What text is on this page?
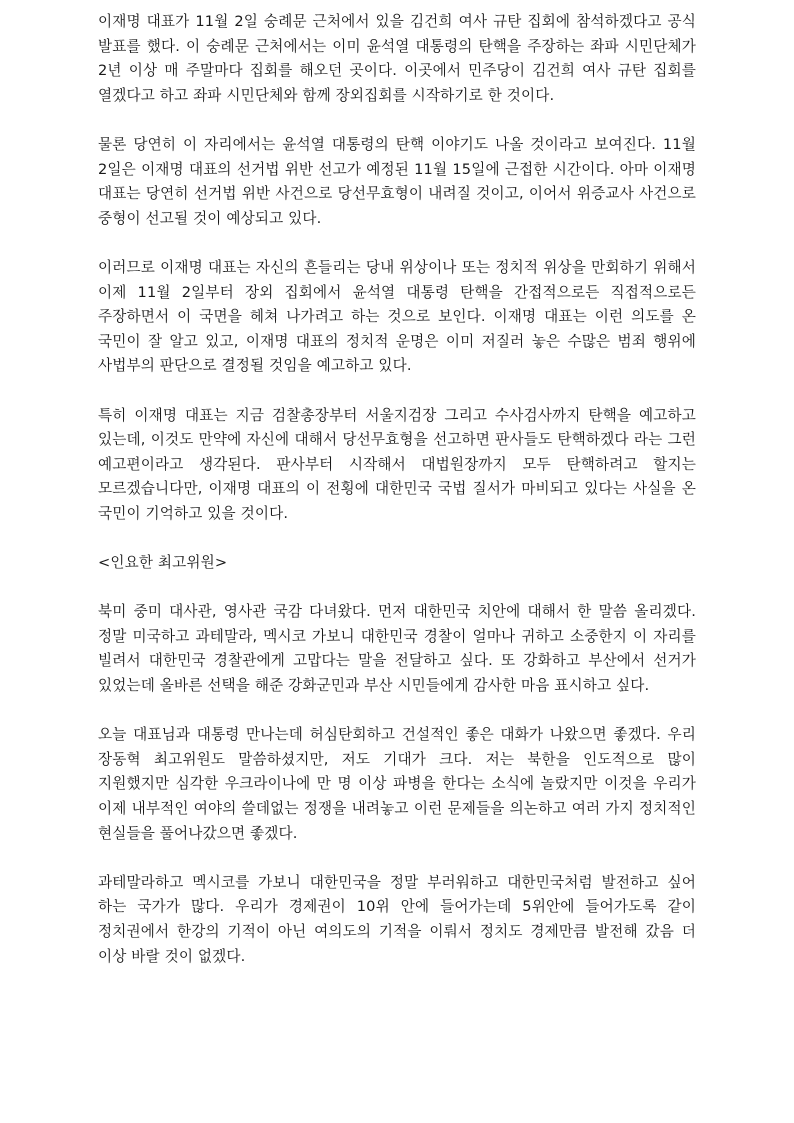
이재명 대표가 11월 2일 숭례문 근처에서 있을 김건희 여사 규탄 집회에 참석하겠다고 공식 발표를 했다. 이 숭례문 근처에서는 이미 윤석열 대통령의 탄핵을 주장하는 좌파 시민단체가 2년 이상 매 주말마다 집회를 해오던 곳이다. 이곳에서 민주당이 김건희 여사 규탄 집회를 열겠다고 하고 좌파 시민단체와 함께 장외집회를 시작하기로 한 것이다.

물론 당연히 이 자리에서는 윤석열 대통령의 탄핵 이야기도 나올 것이라고 보여진다. 11월 2일은 이재명 대표의 선거법 위반 선고가 예정된 11월 15일에 근접한 시간이다. 아마 이재명 대표는 당연히 선거법 위반 사건으로 당선무효형이 내려질 것이고, 이어서 위증교사 사건으로 중형이 선고될 것이 예상되고 있다.

이러므로 이재명 대표는 자신의 흔들리는 당내 위상이나 또는 정치적 위상을 만회하기 위해서 이제 11월 2일부터 장외 집회에서 윤석열 대통령 탄핵을 간접적으로든 직접적으로든 주장하면서 이 국면을 헤쳐 나가려고 하는 것으로 보인다. 이재명 대표는 이런 의도를 온 국민이 잘 알고 있고, 이재명 대표의 정치적 운명은 이미 저질러 놓은 수많은 범죄 행위에 사법부의 판단으로 결정될 것임을 예고하고 있다.

특히 이재명 대표는 지금 검찰총장부터 서울지검장 그리고 수사검사까지 탄핵을 예고하고 있는데, 이것도 만약에 자신에 대해서 당선무효형을 선고하면 판사들도 탄핵하겠다 라는 그런 예고편이라고 생각된다. 판사부터 시작해서 대법원장까지 모두 탄핵하려고 할지는 모르겠습니다만, 이재명 대표의 이 전횡에 대한민국 국법 질서가 마비되고 있다는 사실을 온 국민이 기억하고 있을 것이다.

<인요한 최고위원>

북미 중미 대사관, 영사관 국감 다녀왔다. 먼저 대한민국 치안에 대해서 한 말씀 올리겠다. 정말 미국하고 과테말라, 멕시코 가보니 대한민국 경찰이 얼마나 귀하고 소중한지 이 자리를 빌려서 대한민국 경찰관에게 고맙다는 말을 전달하고 싶다. 또 강화하고 부산에서 선거가 있었는데 올바른 선택을 해준 강화군민과 부산 시민들에게 감사한 마음 표시하고 싶다.

오늘 대표님과 대통령 만나는데 허심탄회하고 건설적인 좋은 대화가 나왔으면 좋겠다. 우리 장동혁 최고위원도 말씀하셨지만, 저도 기대가 크다. 저는 북한을 인도적으로 많이 지원했지만 심각한 우크라이나에 만 명 이상 파병을 한다는 소식에 놀랐지만 이것을 우리가 이제 내부적인 여야의 쓸데없는 정쟁을 내려놓고 이런 문제들을 의논하고 여러 가지 정치적인 현실들을 풀어나갔으면 좋겠다.

과테말라하고 멕시코를 가보니 대한민국을 정말 부러워하고 대한민국처럼 발전하고 싶어 하는 국가가 많다. 우리가 경제권이 10위 안에 들어가는데 5위안에 들어가도록 같이 정치권에서 한강의 기적이 아닌 여의도의 기적을 이뤄서 정치도 경제만큼 발전해 갔음 더 이상 바랄 것이 없겠다.
